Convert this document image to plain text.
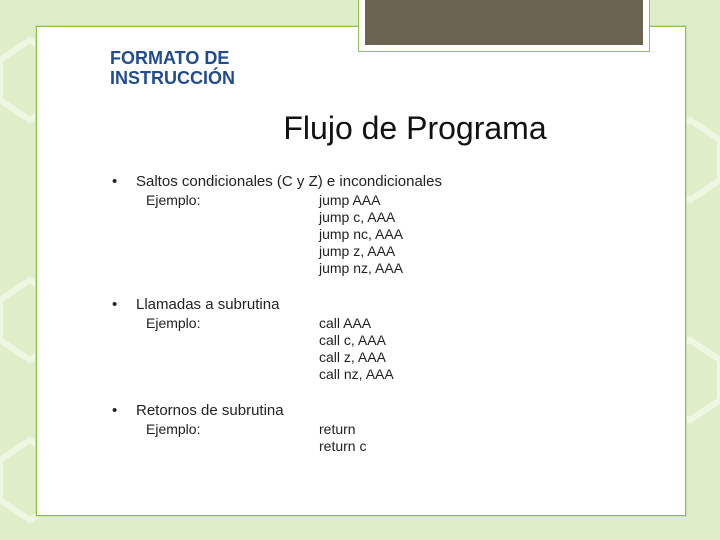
FORMATO DE INSTRUCCIÓN
Flujo de Programa
•	Saltos condicionales (C y Z) e incondicionales
Ejemplo:	jump AAA
jump c, AAA
jump nc, AAA
jump z, AAA
jump nz, AAA
•	Llamadas a subrutina
Ejemplo:	call AAA
call c, AAA
call z, AAA
call nz, AAA
•	Retornos de subrutina
Ejemplo:	return
return c
